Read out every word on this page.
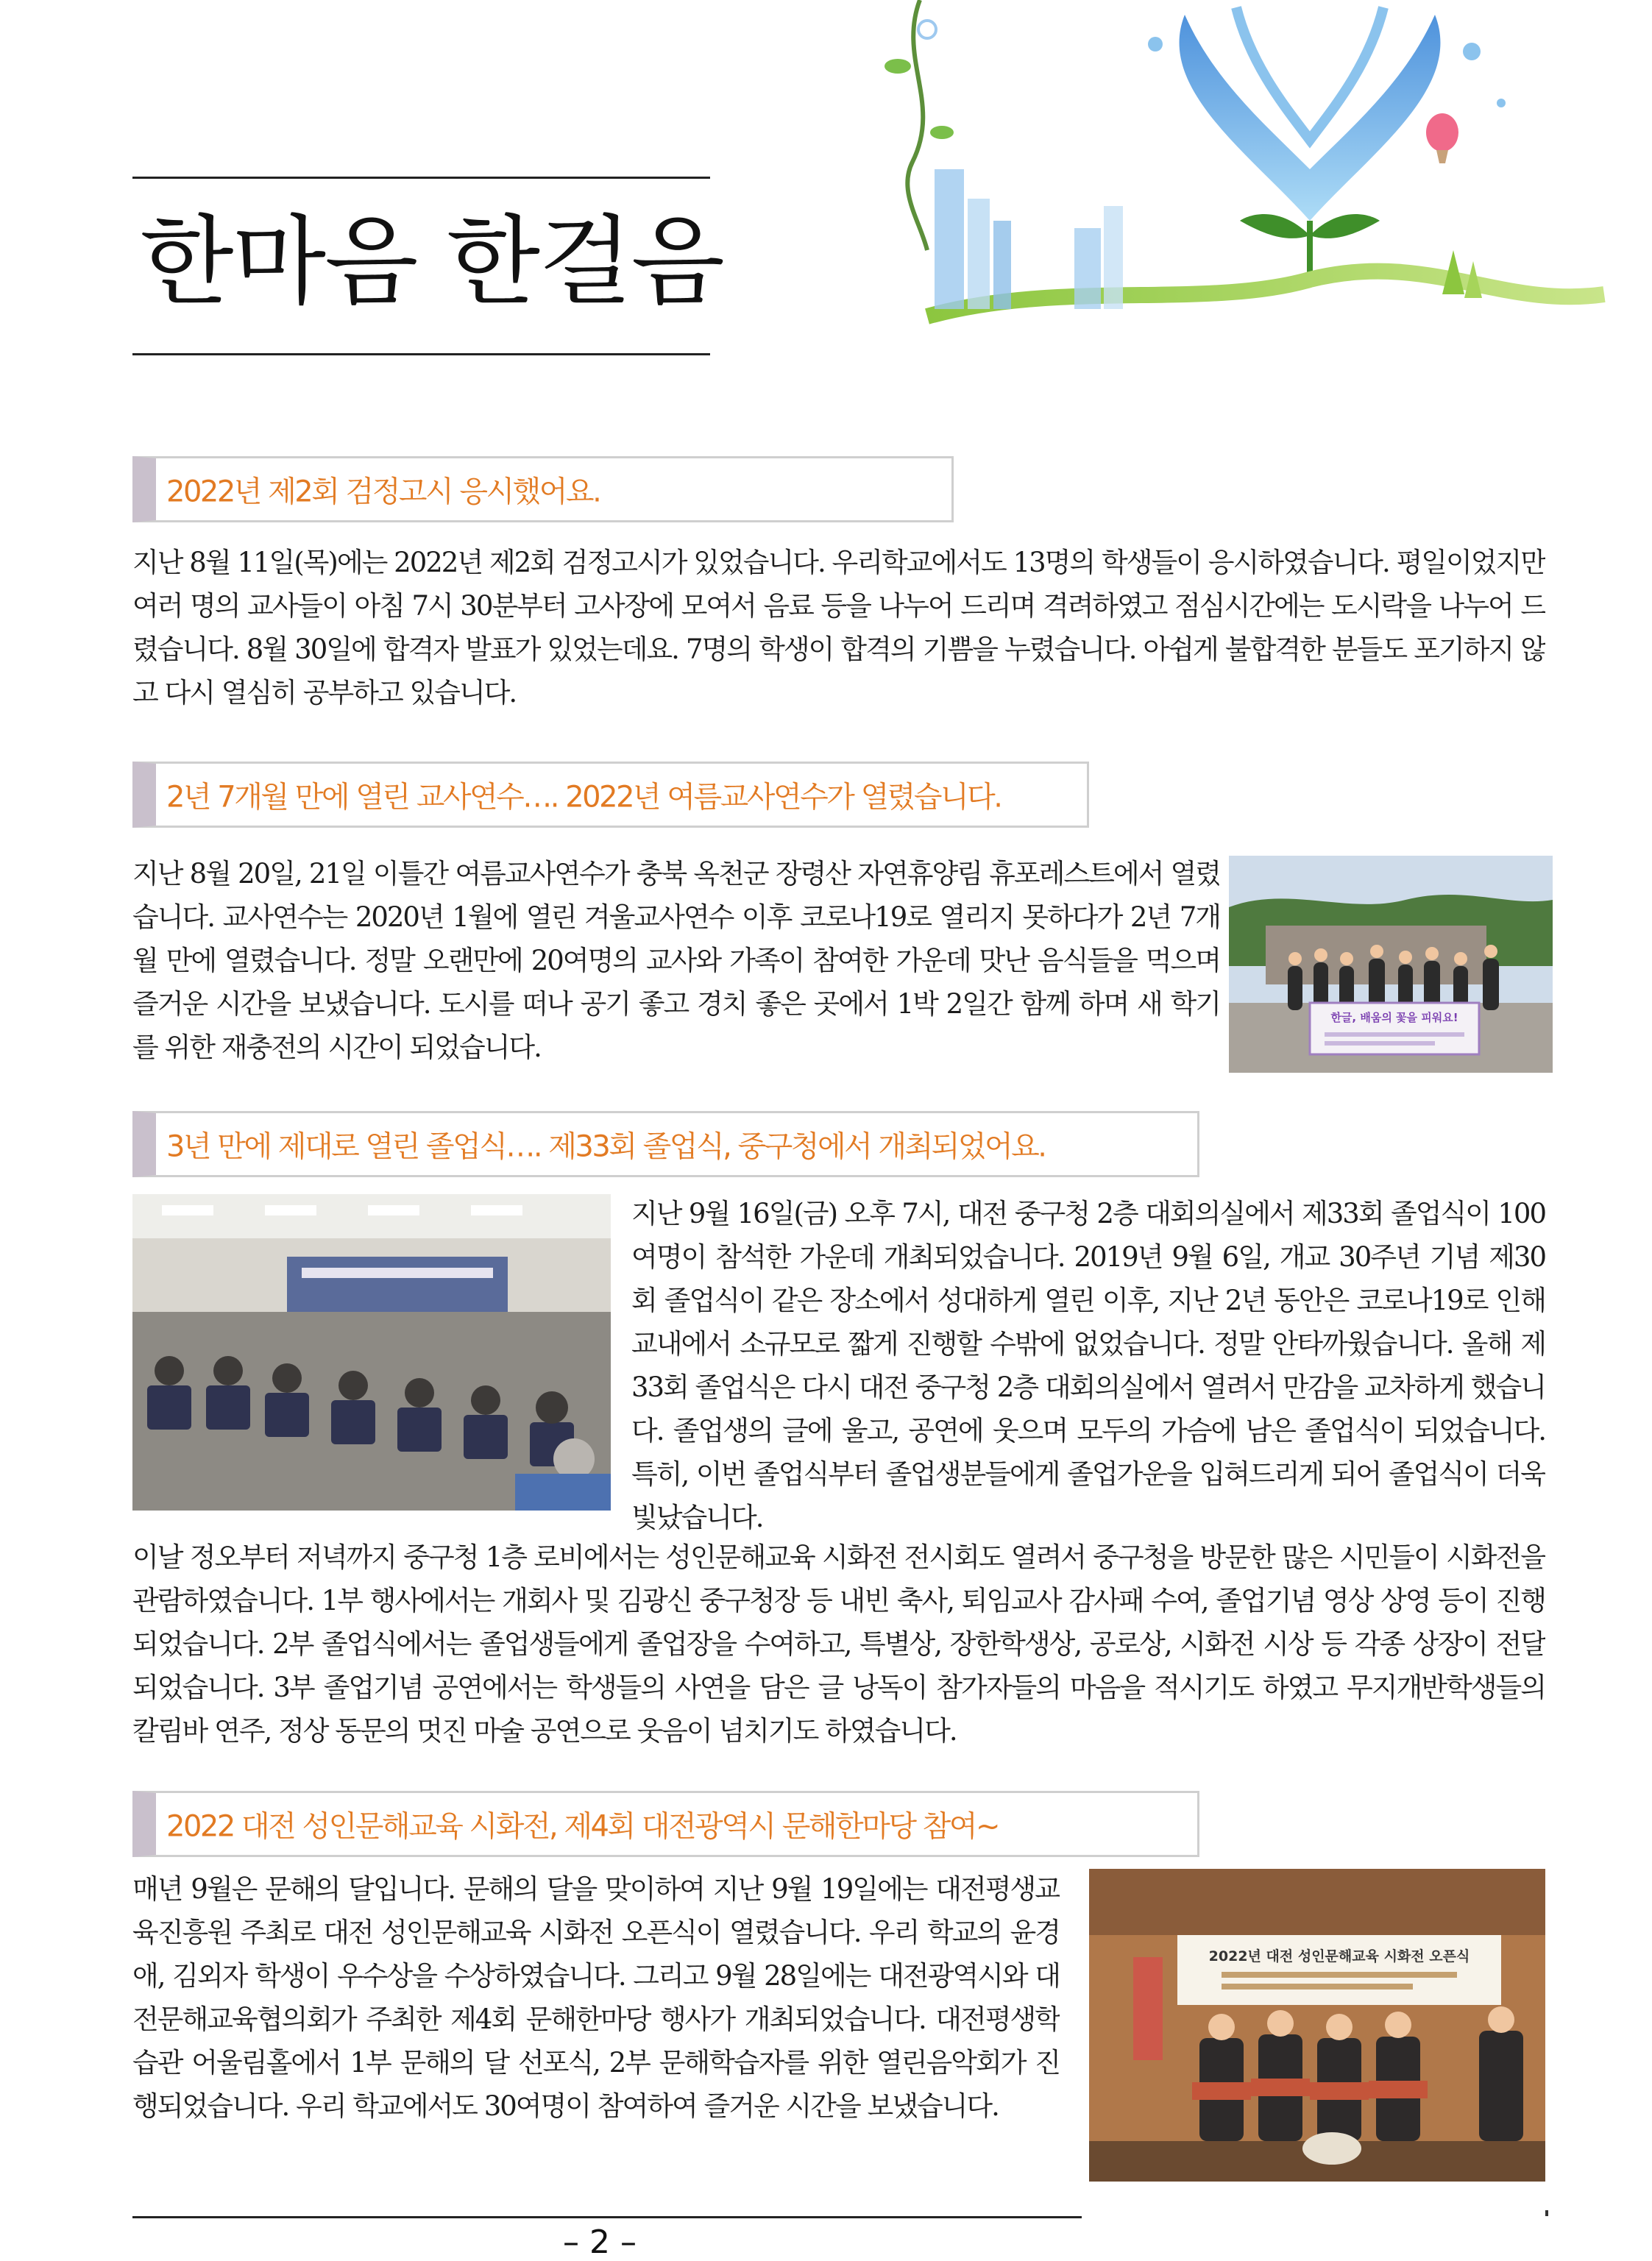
한마음 한걸음
2022년 제2회 검정고시 응시했어요.

지난 8월 11일(목)에는 2022년 제2회 검정고시가 있었습니다. 우리학교에서도 13명의 학생들이 응시하였습니다. 평일이었지만 여러 명의 교사들이 아침 7시 30분부터 고사장에 모여서 음료 등을 나누어 드리며 격려하였고 점심시간에는 도시락을 나누어 드렸습니다. 8월 30일에 합격자 발표가 있었는데요. 7명의 학생이 합격의 기쁨을 누렸습니다. 아쉽게 불합격한 분들도 포기하지 않고 다시 열심히 공부하고 있습니다.

2년 7개월 만에 열린 교사연수…. 2022년 여름교사연수가 열렸습니다.

지난 8월 20일, 21일 이틀간 여름교사연수가 충북 옥천군 장령산 자연휴양림 휴포레스트에서 열렸습니다. 교사연수는 2020년 1월에 열린 겨울교사연수 이후 코로나19로 열리지 못하다가 2년 7개월 만에 열렸습니다. 정말 오랜만에 20여명의 교사와 가족이 참여한 가운데 맛난 음식들을 먹으며 즐거운 시간을 보냈습니다. 도시를 떠나 공기 좋고 경치 좋은 곳에서 1박 2일간 함께 하며 새 학기를 위한 재충전의 시간이 되었습니다.

한글, 배움의 꽃을 피워요!
3년 만에 제대로 열린 졸업식…. 제33회 졸업식, 중구청에서 개최되었어요.

지난 9월 16일(금) 오후 7시, 대전 중구청 2층 대회의실에서 제33회 졸업식이 100여명이 참석한 가운데 개최되었습니다. 2019년 9월 6일, 개교 30주년 기념 제30회 졸업식이 같은 장소에서 성대하게 열린 이후, 지난 2년 동안은 코로나19로 인해 교내에서 소규모로 짧게 진행할 수밖에 없었습니다. 정말 안타까웠습니다. 올해 제33회 졸업식은 다시 대전 중구청 2층 대회의실에서 열려서 만감을 교차하게 했습니다. 졸업생의 글에 울고, 공연에 웃으며 모두의 가슴에 남은 졸업식이 되었습니다. 특히, 이번 졸업식부터 졸업생분들에게 졸업가운을 입혀드리게 되어 졸업식이 더욱 빛났습니다.

이날 정오부터 저녁까지 중구청 1층 로비에서는 성인문해교육 시화전 전시회도 열려서 중구청을 방문한 많은 시민들이 시화전을 관람하였습니다. 1부 행사에서는 개회사 및 김광신 중구청장 등 내빈 축사, 퇴임교사 감사패 수여, 졸업기념 영상 상영 등이 진행되었습니다. 2부 졸업식에서는 졸업생들에게 졸업장을 수여하고, 특별상, 장한학생상, 공로상, 시화전 시상 등 각종 상장이 전달되었습니다. 3부 졸업기념 공연에서는 학생들의 사연을 담은 글 낭독이 참가자들의 마음을 적시기도 하였고 무지개반학생들의 칼림바 연주, 정상 동문의 멋진 마술 공연으로 웃음이 넘치기도 하였습니다.

2022 대전 성인문해교육 시화전, 제4회 대전광역시 문해한마당 참여~

매년 9월은 문해의 달입니다. 문해의 달을 맞이하여 지난 9월 19일에는 대전평생교육진흥원 주최로 대전 성인문해교육 시화전 오픈식이 열렸습니다. 우리 학교의 윤경애, 김외자 학생이 우수상을 수상하였습니다. 그리고 9월 28일에는 대전광역시와 대전문해교육협의회가 주최한 제4회 문해한마당 행사가 개최되었습니다. 대전평생학습관 어울림홀에서 1부 문해의 달 선포식, 2부 문해학습자를 위한 열린음악회가 진행되었습니다. 우리 학교에서도 30여명이 참여하여 즐거운 시간을 보냈습니다.

2022년 대전 성인문해교육 시화전 오픈식
– 2 –
